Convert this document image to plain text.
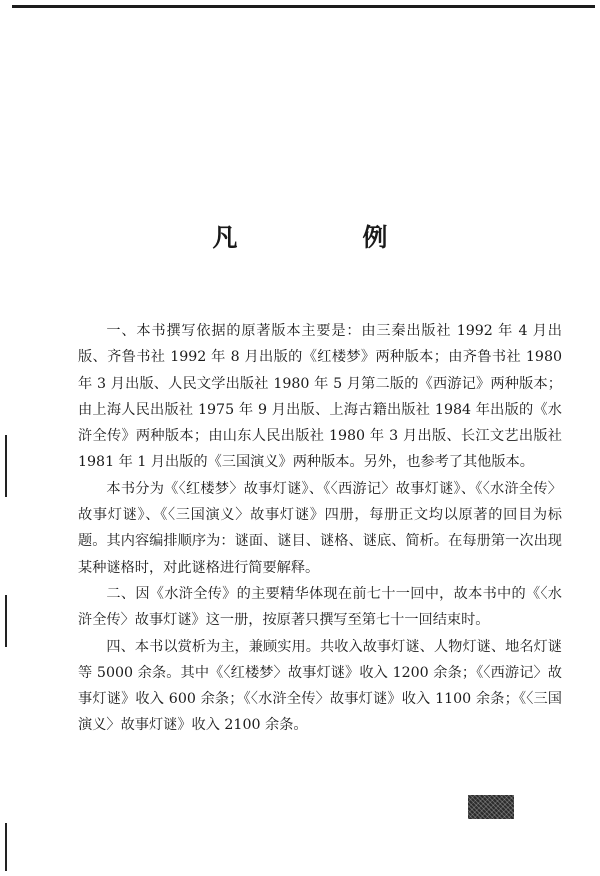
凡　例

一、本书撰写依据的原著版本主要是：由三秦出版社 1992 年 4 月出版、齐鲁书社 1992 年 8 月出版的《红楼梦》两种版本；由齐鲁书社 1980 年 3 月出版、人民文学出版社 1980 年 5 月第二版的《西游记》两种版本；由上海人民出版社 1975 年 9 月出版、上海古籍出版社 1984 年出版的《水浒全传》两种版本；由山东人民出版社 1980 年 3 月出版、长江文艺出版社 1981 年 1 月出版的《三国演义》两种版本。另外，也参考了其他版本。

本书分为《〈红楼梦〉故事灯谜》、《〈西游记〉故事灯谜》、《〈水浒全传〉故事灯谜》、《〈三国演义〉故事灯谜》四册，每册正文均以原著的回目为标题。其内容编排顺序为：谜面、谜目、谜格、谜底、简析。在每册第一次出现某种谜格时，对此谜格进行简要解释。

二、因《水浒全传》的主要精华体现在前七十一回中，故本书中的《〈水浒全传〉故事灯谜》这一册，按原著只撰写至第七十一回结束时。

四、本书以赏析为主，兼顾实用。共收入故事灯谜、人物灯谜、地名灯谜等 5000 余条。其中《〈红楼梦〉故事灯谜》收入 1200 余条；《〈西游记〉故事灯谜》收入 600 余条；《〈水浒全传〉故事灯谜》收入 1100 余条；《〈三国演义〉故事灯谜》收入 2100 余条。
